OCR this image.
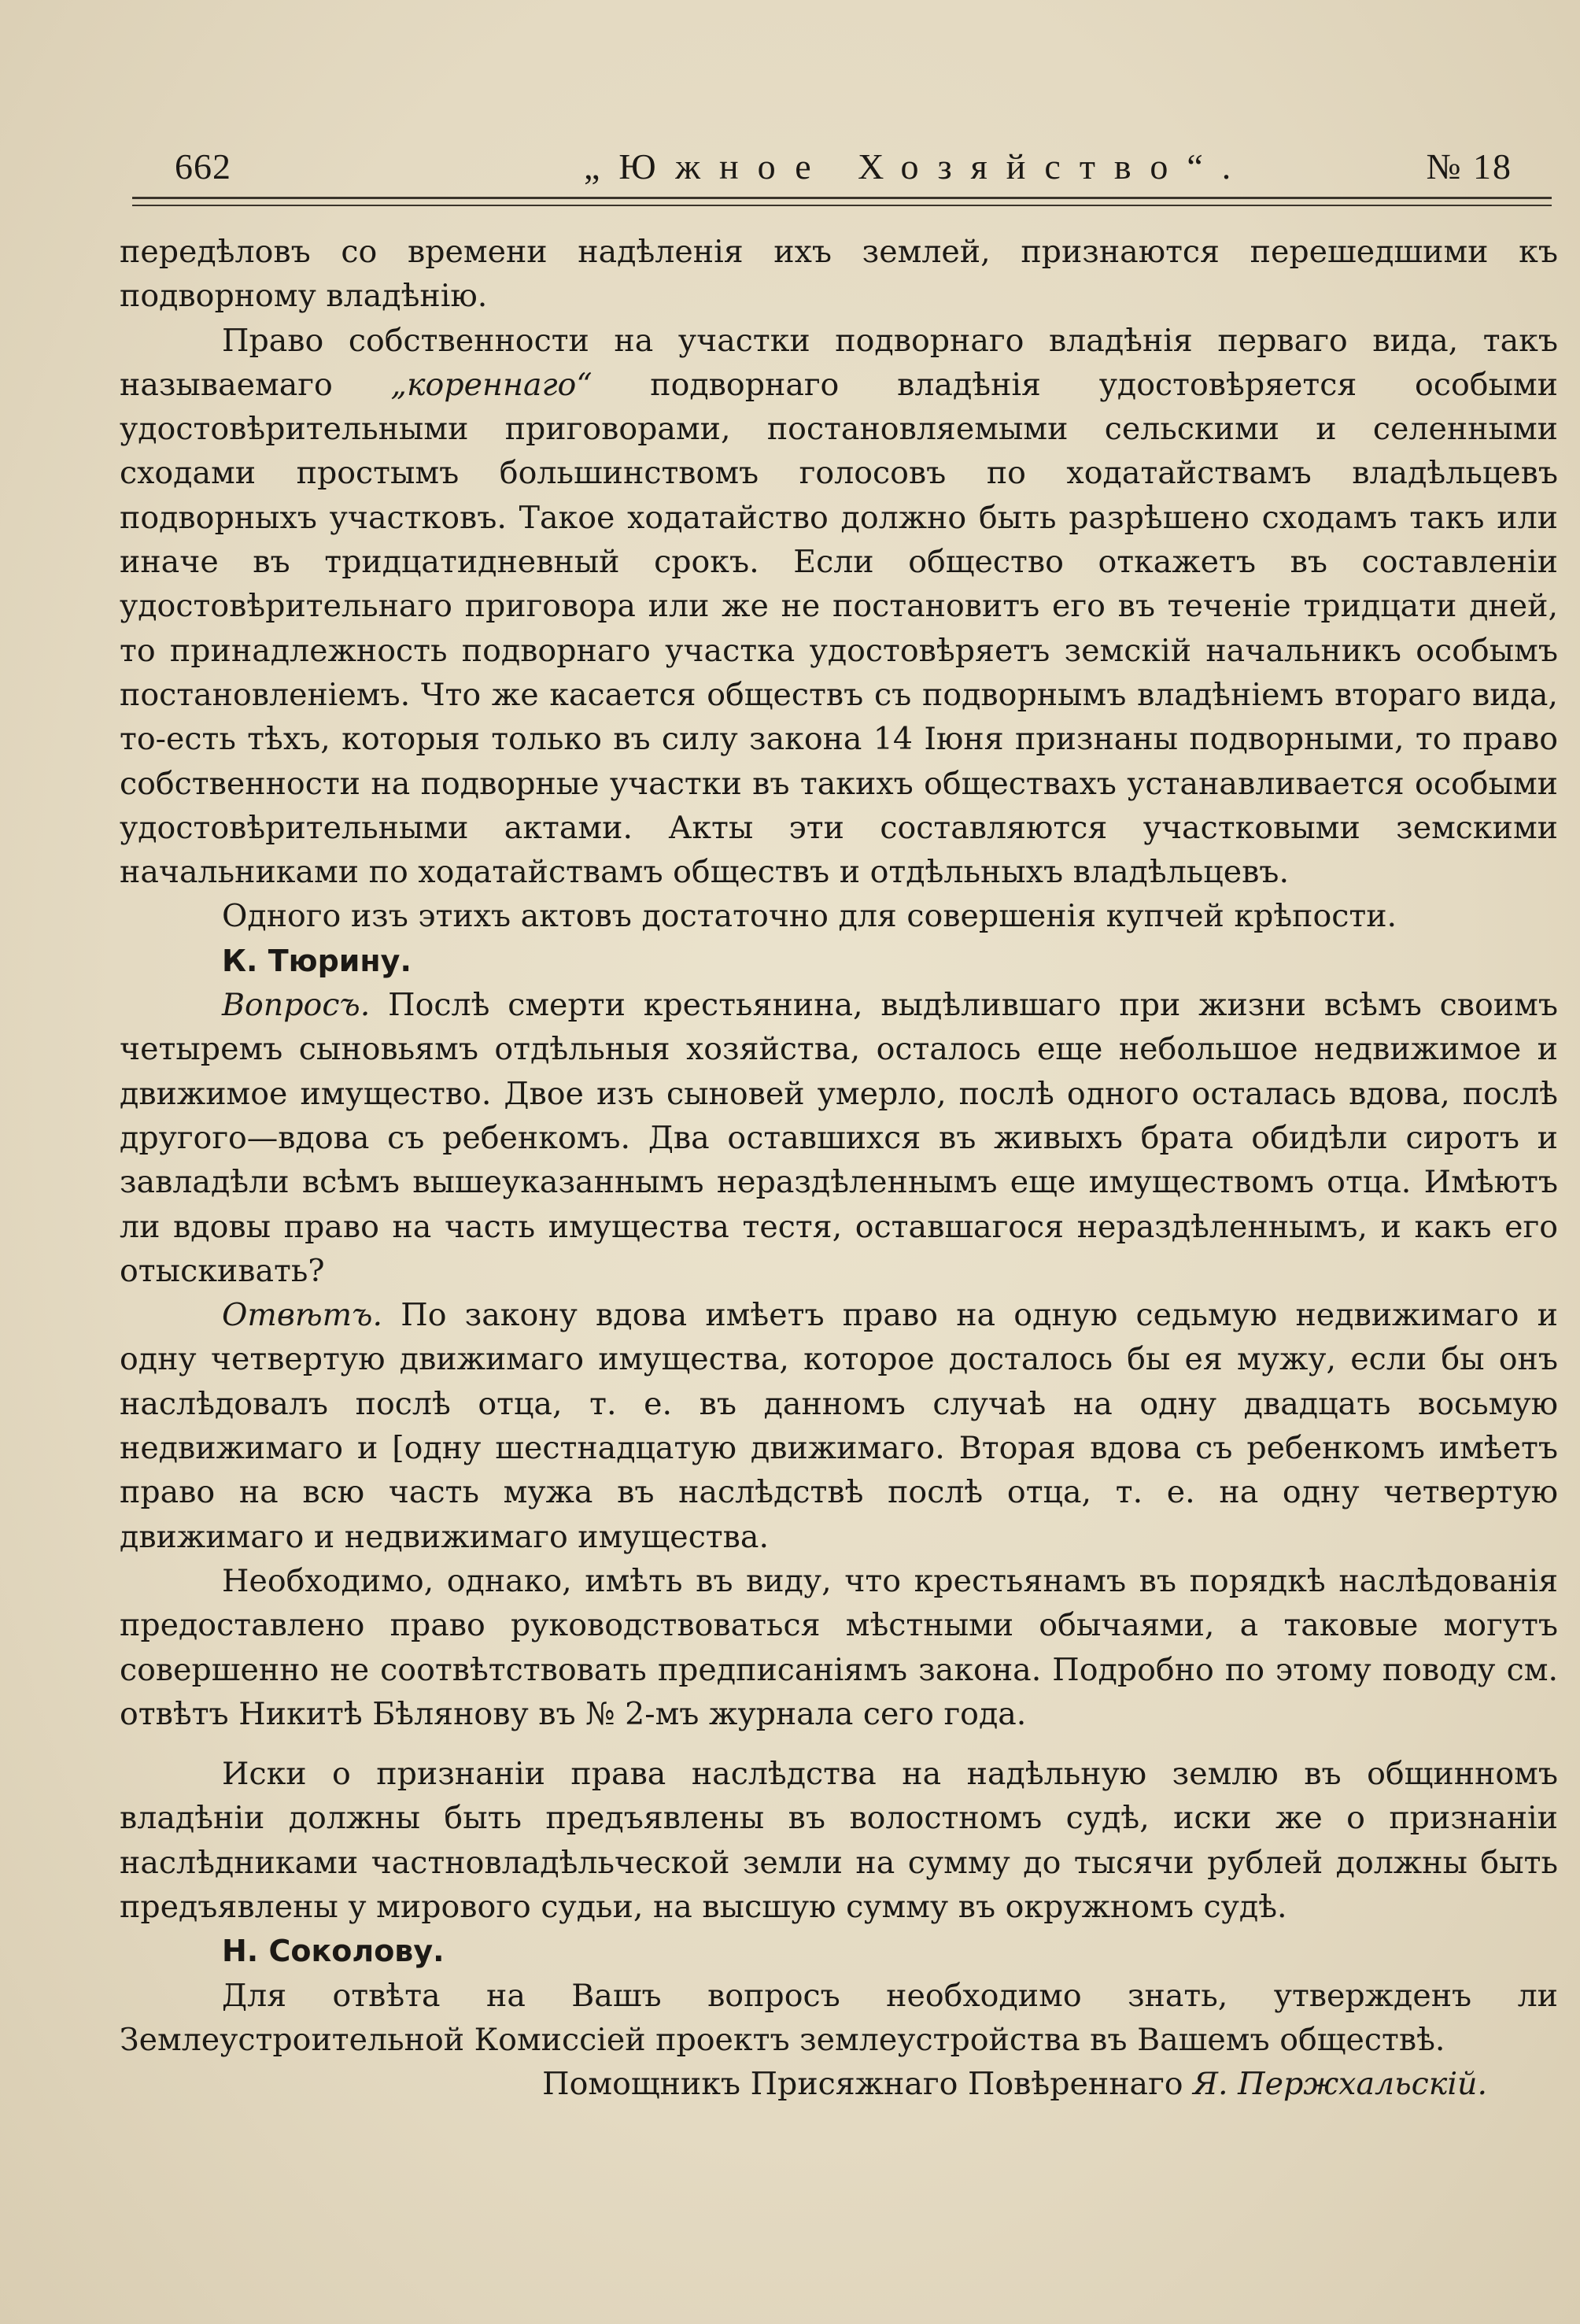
662	„Южное Хозяйство“.	№ 18

передѣловъ со времени надѣленія ихъ землей, признаются перешедшими къ подворному владѣнію.

Право собственности на участки подворнаго владѣнія перваго вида, такъ называемаго „кореннаго“ подворнаго владѣнія удостовѣряется особыми удостовѣрительными приговорами, постановляемыми сельскими и селенными сходами простымъ большинствомъ голосовъ по ходатайствамъ владѣльцевъ подворныхъ участковъ. Такое ходатайство должно быть разрѣшено сходамъ такъ или иначе въ тридцатидневный срокъ. Если общество откажетъ въ составленіи удостовѣрительнаго приговора или же не постановитъ его въ теченіе тридцати дней, то принадлежность подворнаго участка удостовѣряетъ земскій начальникъ особымъ постановленіемъ. Что же касается обществъ съ подворнымъ владѣніемъ втораго вида, то-есть тѣхъ, которыя только въ силу закона 14 Іюня признаны подворными, то право собственности на подворные участки въ такихъ обществахъ устанавливается особыми удостовѣрительными актами. Акты эти составляются участковыми земскими начальниками по ходатайствамъ обществъ и отдѣльныхъ владѣльцевъ.

Одного изъ этихъ актовъ достаточно для совершенія купчей крѣпости.

К. Тюрину.

Вопросъ. Послѣ смерти крестьянина, выдѣлившаго при жизни всѣмъ своимъ четыремъ сыновьямъ отдѣльныя хозяйства, осталось еще небольшое недвижимое и движимое имущество. Двое изъ сыновей умерло, послѣ одного осталась вдова, послѣ другого—вдова съ ребенкомъ. Два оставшихся въ живыхъ брата обидѣли сиротъ и завладѣли всѣмъ вышеуказаннымъ нераздѣленнымъ еще имуществомъ отца. Имѣютъ ли вдовы право на часть имущества тестя, оставшагося нераздѣленнымъ, и какъ его отыскивать?

Отвѣтъ. По закону вдова имѣетъ право на одную седьмую недвижимаго и одну четвертую движимаго имущества, которое досталось бы ея мужу, если бы онъ наслѣдовалъ послѣ отца, т. е. въ данномъ случаѣ на одну двадцать восьмую недвижимаго и [одну шестнадцатую движимаго. Вторая вдова съ ребенкомъ имѣетъ право на всю часть мужа въ наслѣдствѣ послѣ отца, т. е. на одну четвертую движимаго и недвижимаго имущества.

Необходимо, однако, имѣть въ виду, что крестьянамъ въ порядкѣ наслѣдованія предоставлено право руководствоваться мѣстными обычаями, а таковые могутъ совершенно не соотвѣтствовать предписаніямъ закона. Подробно по этому поводу см. отвѣтъ Никитѣ Бѣлянову въ № 2-мъ журнала сего года.

Иски о признаніи права наслѣдства на надѣльную землю въ общинномъ владѣніи должны быть предъявлены въ волостномъ судѣ, иски же о признаніи наслѣдниками частновладѣльческой земли на сумму до тысячи рублей должны быть предъявлены у мирового судьи, на высшую сумму въ окружномъ судѣ.

Н. Соколову.

Для отвѣта на Вашъ вопросъ необходимо знать, утвержденъ ли Землеустроительной Комиссіей проектъ землеустройства въ Вашемъ обществѣ.

Помощникъ Присяжнаго Повѣреннаго Я. Пержхальскій.
